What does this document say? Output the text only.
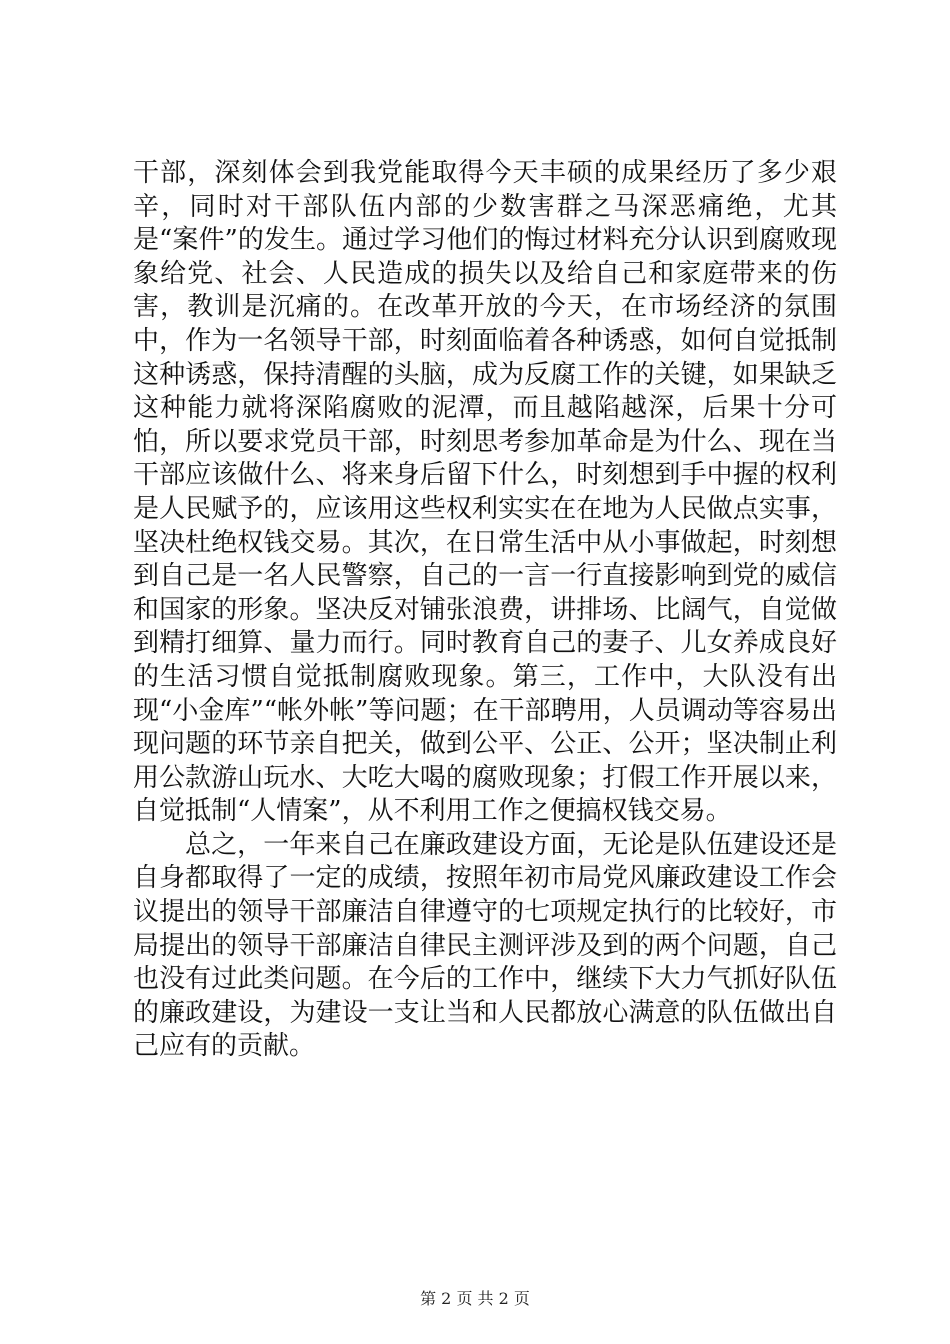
干部，深刻体会到我党能取得今天丰硕的成果经历了多少艰辛，同时对干部队伍内部的少数害群之马深恶痛绝，尤其是“案件”的发生。通过学习他们的悔过材料充分认识到腐败现象给党、社会、人民造成的损失以及给自己和家庭带来的伤害，教训是沉痛的。在改革开放的今天，在市场经济的氛围中，作为一名领导干部，时刻面临着各种诱惑，如何自觉抵制这种诱惑，保持清醒的头脑，成为反腐工作的关键，如果缺乏这种能力就将深陷腐败的泥潭，而且越陷越深，后果十分可怕，所以要求党员干部，时刻思考参加革命是为什么、现在当干部应该做什么、将来身后留下什么，时刻想到手中握的权利是人民赋予的，应该用这些权利实实在在地为人民做点实事，坚决杜绝权钱交易。其次，在日常生活中从小事做起，时刻想到自己是一名人民警察，自己的一言一行直接影响到党的威信和国家的形象。坚决反对铺张浪费，讲排场、比阔气，自觉做到精打细算、量力而行。同时教育自己的妻子、儿女养成良好的生活习惯自觉抵制腐败现象。第三，工作中，大队没有出现“小金库”“帐外帐”等问题；在干部聘用，人员调动等容易出现问题的环节亲自把关，做到公平、公正、公开；坚决制止利用公款游山玩水、大吃大喝的腐败现象；打假工作开展以来，自觉抵制“人情案”，从不利用工作之便搞权钱交易。

总之，一年来自己在廉政建设方面，无论是队伍建设还是自身都取得了一定的成绩，按照年初市局党风廉政建设工作会议提出的领导干部廉洁自律遵守的七项规定执行的比较好，市局提出的领导干部廉洁自律民主测评涉及到的两个问题，自己也没有过此类问题。在今后的工作中，继续下大力气抓好队伍的廉政建设，为建设一支让当和人民都放心满意的队伍做出自己应有的贡献。

第 2 页 共 2 页
